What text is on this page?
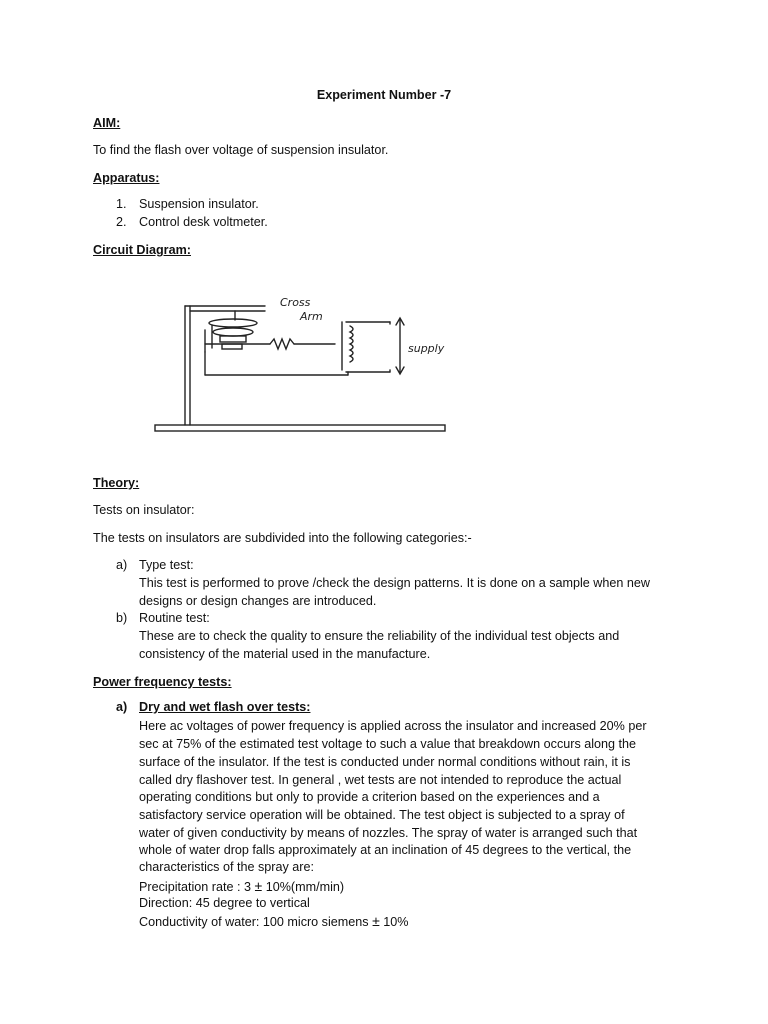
Experiment Number -7
AIM:
To find the flash over voltage of suspension insulator.
Apparatus:
1. Suspension insulator.
2. Control desk voltmeter.
Circuit Diagram:
Cross
Arm
supply
Theory:
Tests on insulator:
The tests on insulators are subdivided into the following categories:-
a) Type test:
This test is performed to prove /check the design patterns. It is done on a sample when new
designs or design changes are introduced.
b) Routine test:
These are to check the quality to ensure the reliability of the individual test objects and
consistency of the material used in the manufacture.
Power frequency tests:
a) Dry and wet flash over tests:
Here ac voltages of power frequency is applied across the insulator and increased 20% per
sec at 75% of the estimated test voltage to such a value that breakdown occurs along the
surface of the insulator. If the test is conducted under normal conditions without rain, it is
called dry flashover test. In general , wet tests are not intended to reproduce the actual
operating conditions but only to provide a criterion based on the experiences and a
satisfactory service operation will be obtained. The test object is subjected to a spray of
water of given conductivity by means of nozzles. The spray of water is arranged such that
whole of water drop falls approximately at an inclination of 45 degrees to the vertical, the
characteristics of the spray are:
Precipitation rate : 3 ± 10%(mm/min)
Direction: 45 degree to vertical
Conductivity of water: 100 micro siemens ± 10%
